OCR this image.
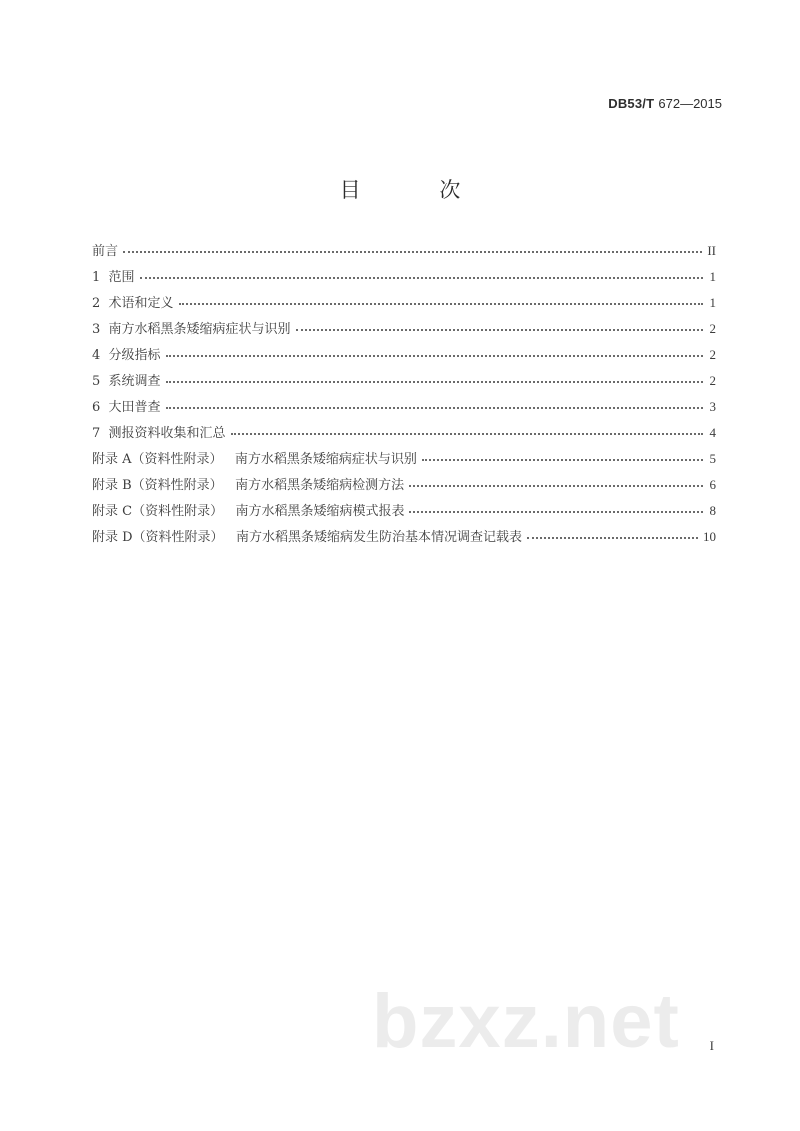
DB53/T 672—2015
目 次
前言	II
1  范围	1
2  术语和定义	1
3  南方水稻黑条矮缩病症状与识别	2
4  分级指标	2
5  系统调查	2
6  大田普查	3
7  测报资料收集和汇总	4
附录 A（资料性附录）   南方水稻黑条矮缩病症状与识别	5
附录 B（资料性附录）   南方水稻黑条矮缩病检测方法	6
附录 C（资料性附录）   南方水稻黑条矮缩病模式报表	8
附录 D（资料性附录）   南方水稻黑条矮缩病发生防治基本情况调查记载表	10
bzxz.net I
